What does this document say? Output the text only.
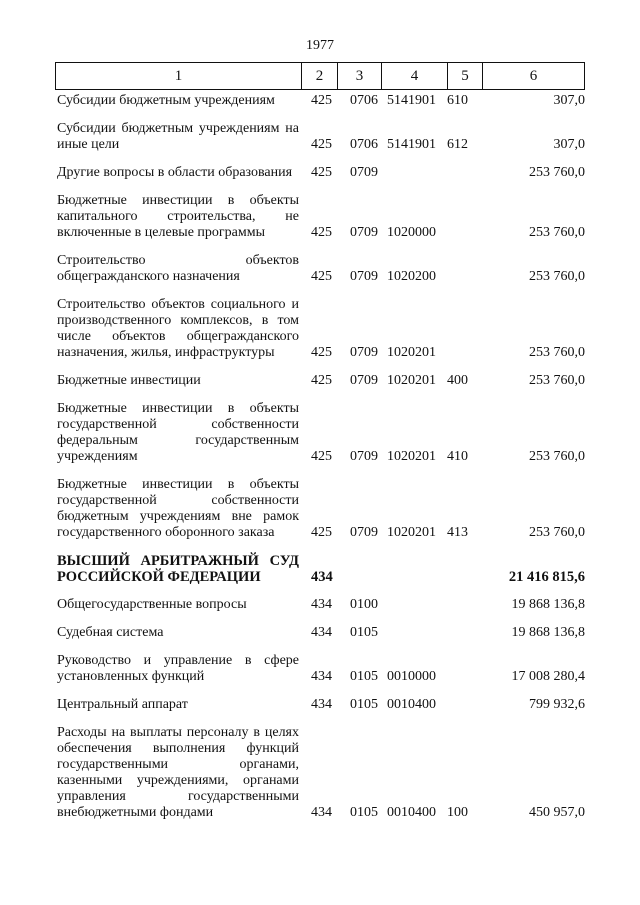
1977
1	2	3	4	5	6
Субсидии бюджетным учреждениям	425 0706 5141901 610	307,0
Субсидии бюджетным учреждениям на иные цели	425 0706 5141901 612	307,0
Другие вопросы в области образования	425 0709	253 760,0
Бюджетные инвестиции в объекты капитального строительства, не включенные в целевые программы	425 0709 1020000	253 760,0
Строительство объектов общегражданского назначения	425 0709 1020200	253 760,0
Строительство объектов социального и производственного комплексов, в том числе объектов общегражданского назначения, жилья, инфраструктуры	425 0709 1020201	253 760,0
Бюджетные инвестиции	425 0709 1020201 400	253 760,0
Бюджетные инвестиции в объекты государственной собственности федеральным государственным учреждениям	425 0709 1020201 410	253 760,0
Бюджетные инвестиции в объекты государственной собственности бюджетным учреждениям вне рамок государственного оборонного заказа	425 0709 1020201 413	253 760,0
ВЫСШИЙ АРБИТРАЖНЫЙ СУД РОССИЙСКОЙ ФЕДЕРАЦИИ	434	21 416 815,6
Общегосударственные вопросы	434 0100	19 868 136,8
Судебная система	434 0105	19 868 136,8
Руководство и управление в сфере установленных функций	434 0105 0010000	17 008 280,4
Центральный аппарат	434 0105 0010400	799 932,6
Расходы на выплаты персоналу в целях обеспечения выполнения функций государственными органами, казенными учреждениями, органами управления государственными внебюджетными фондами	434 0105 0010400 100	450 957,0
